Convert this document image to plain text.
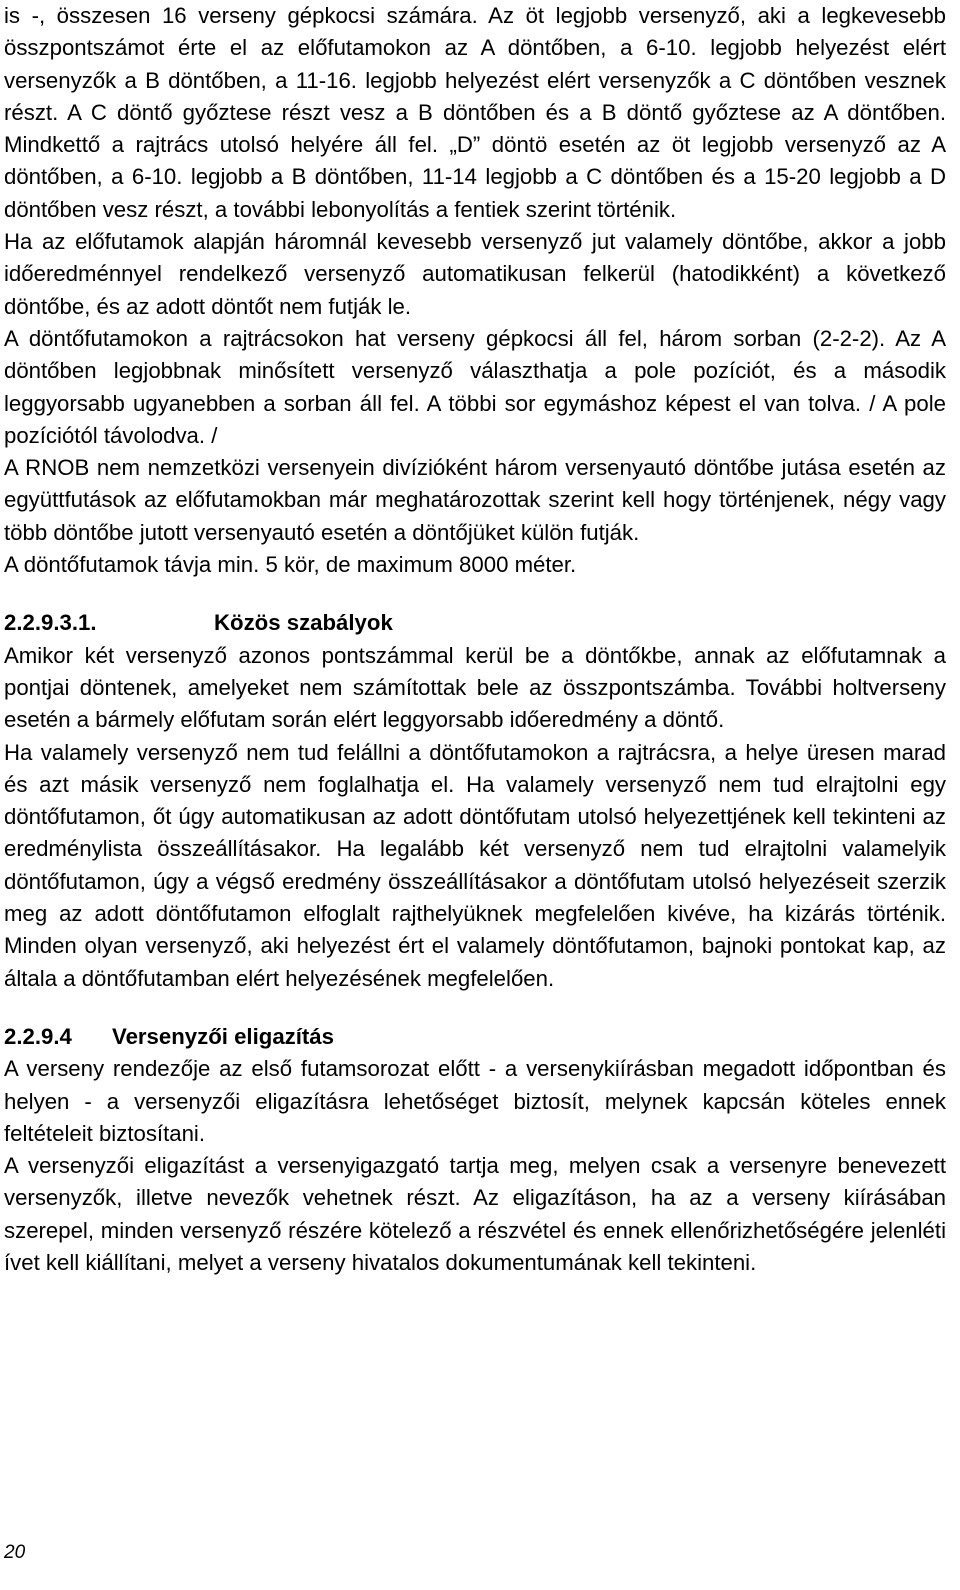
is -, összesen 16 verseny gépkocsi számára. Az öt legjobb versenyző, aki a legkevesebb összpontszámot érte el az előfutamokon az A döntőben, a 6-10. legjobb helyezést elért versenyzők a B döntőben, a 11-16. legjobb helyezést elért versenyzők a C döntőben vesznek részt. A C döntő győztese részt vesz a B döntőben és a B döntő győztese az A döntőben. Mindkettő a rajtrács utolsó helyére áll fel. „D” döntö esetén az öt legjobb versenyző az A döntőben, a 6-10. legjobb a B döntőben, 11-14 legjobb a C döntőben és a 15-20 legjobb a D döntőben vesz részt, a további lebonyolítás a fentiek szerint történik.

Ha az előfutamok alapján háromnál kevesebb versenyző jut valamely döntőbe, akkor a jobb időeredménnyel rendelkező versenyző automatikusan felkerül (hatodikként) a következő döntőbe, és az adott döntőt nem futják le.

A döntőfutamokon a rajtrácsokon hat verseny gépkocsi áll fel, három sorban (2-2-2). Az A döntőben legjobbnak minősített versenyző választhatja a pole pozíciót, és a második leggyorsabb ugyanebben a sorban áll fel. A többi sor egymáshoz képest el van tolva. / A pole pozíciótól távolodva. /

A RNOB nem nemzetközi versenyein divízióként három versenyautó döntőbe jutása esetén az együttfutások az előfutamokban már meghatározottak szerint kell hogy történjenek, négy vagy több döntőbe jutott versenyautó esetén a döntőjüket külön futják.

A döntőfutamok távja min. 5 kör, de maximum 8000 méter.

2.2.9.3.1.	Közös szabályok

Amikor két versenyző azonos pontszámmal kerül be a döntőkbe, annak az előfutamnak a pontjai döntenek, amelyeket nem számítottak bele az összpontszámba. További holtverseny esetén a bármely előfutam során elért leggyorsabb időeredmény a döntő.

Ha valamely versenyző nem tud felállni a döntőfutamokon a rajtrácsra, a helye üresen marad és azt másik versenyző nem foglalhatja el. Ha valamely versenyző nem tud elrajtolni egy döntőfutamon, őt úgy automatikusan az adott döntőfutam utolsó helyezettjének kell tekinteni az eredménylista összeállításakor. Ha legalább két versenyző nem tud elrajtolni valamelyik döntőfutamon, úgy a végső eredmény összeállításakor a döntőfutam utolsó helyezéseit szerzik meg az adott döntőfutamon elfoglalt rajthelyüknek megfelelően kivéve, ha kizárás történik. Minden olyan versenyző, aki helyezést ért el valamely döntőfutamon, bajnoki pontokat kap, az általa a döntőfutamban elért helyezésének megfelelően.

2.2.9.4 Versenyzői eligazítás

A verseny rendezője az első futamsorozat előtt - a versenykiírásban megadott időpontban és helyen - a versenyzői eligazításra lehetőséget biztosít, melynek kapcsán köteles ennek feltételeit biztosítani.

A versenyzői eligazítást a versenyigazgató tartja meg, melyen csak a versenyre benevezett versenyzők, illetve nevezők vehetnek részt. Az eligazításon, ha az a verseny kiírásában szerepel, minden versenyző részére kötelező a részvétel és ennek ellenőrizhetőségére jelenléti ívet kell kiállítani, melyet a verseny hivatalos dokumentumának kell tekinteni.

20
